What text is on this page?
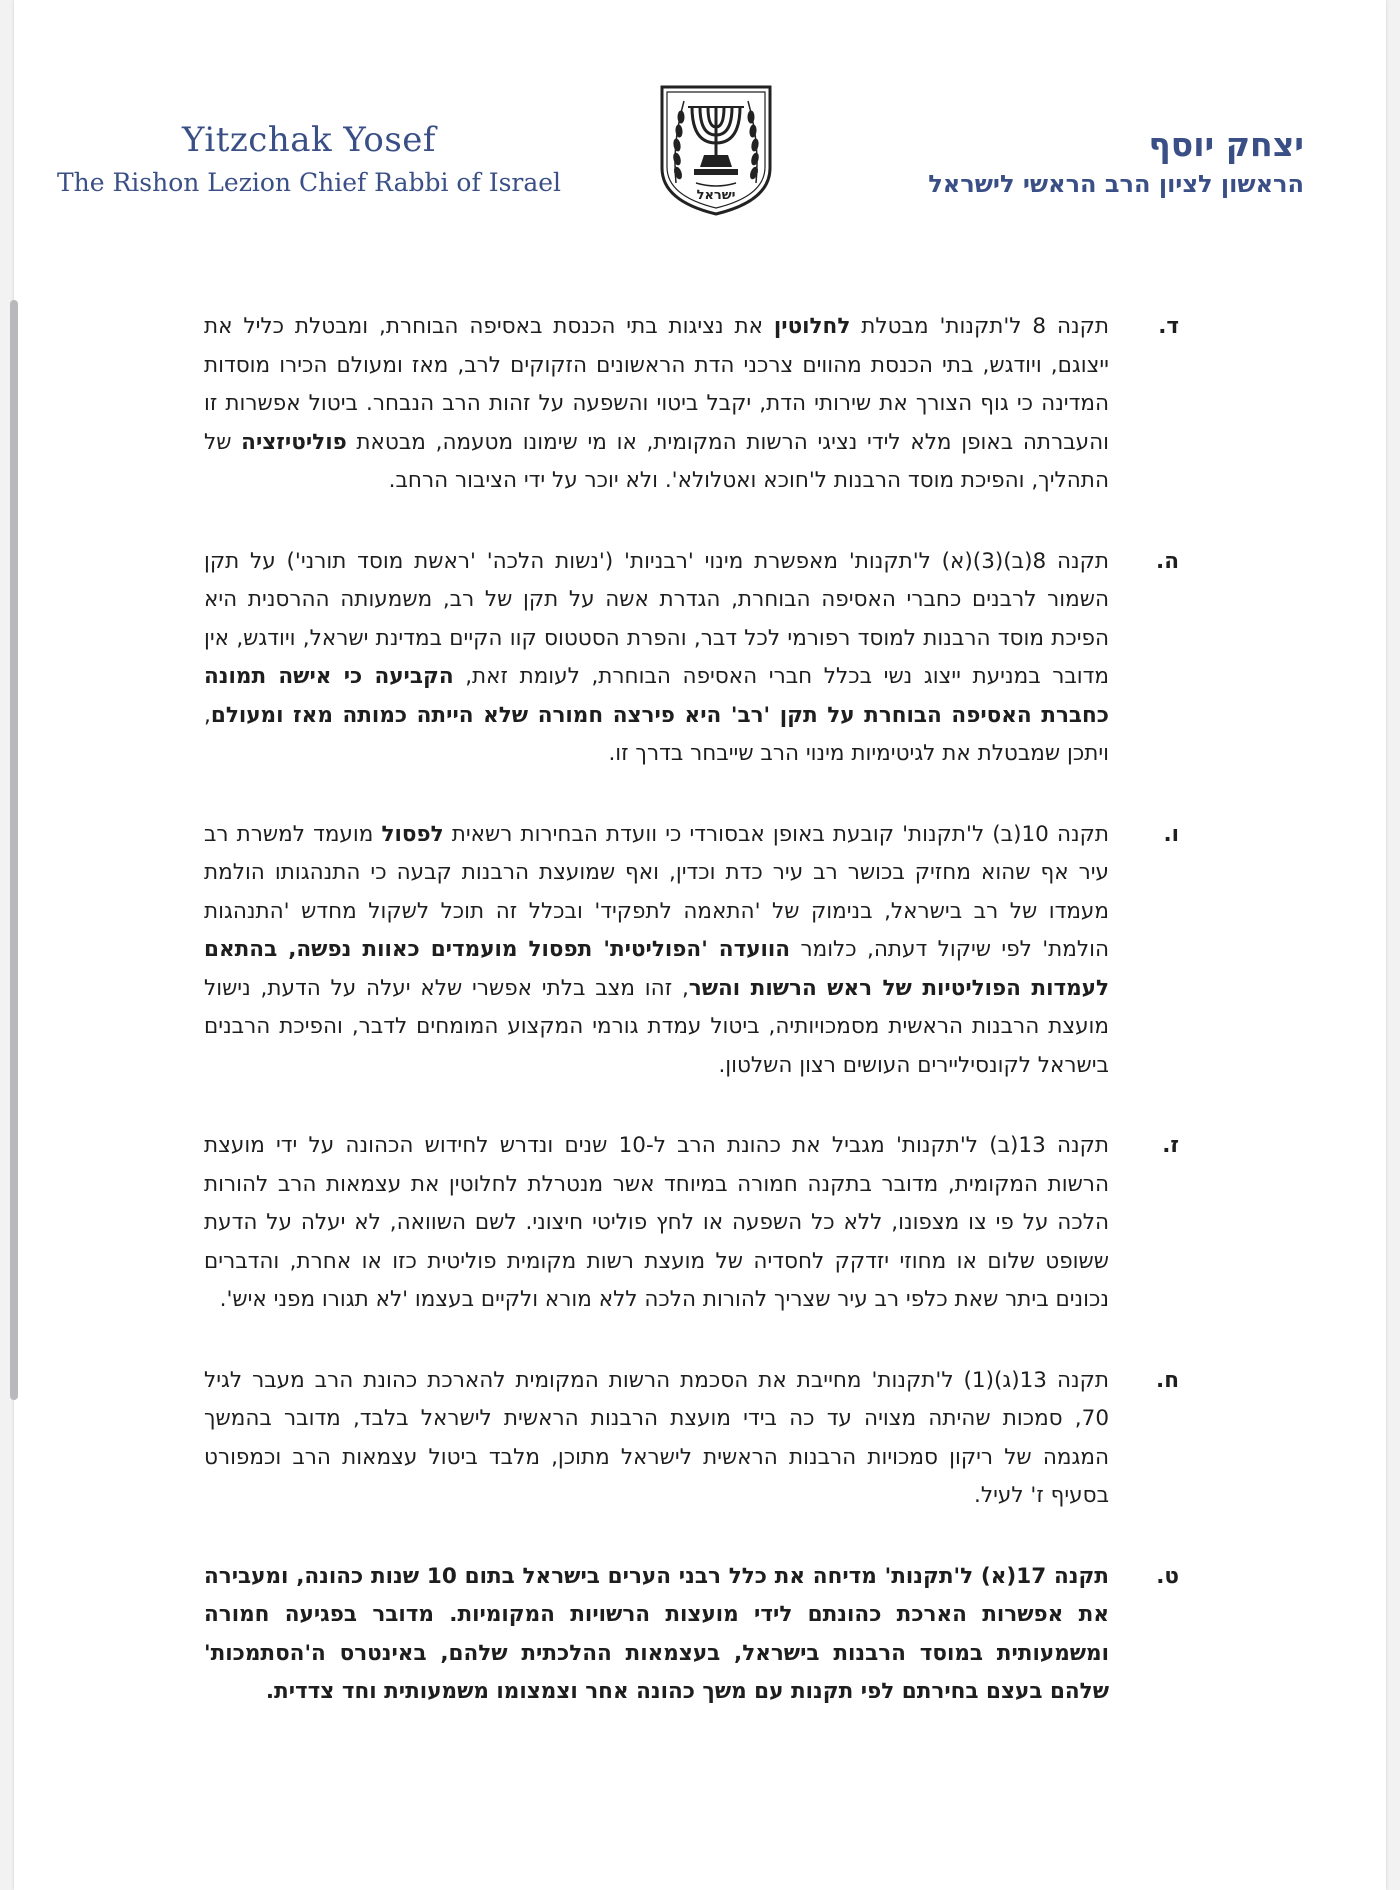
Yitzchak Yosef
The Rishon Lezion Chief Rabbi of Israel	ישראל
יצחק יוסף
הראשון לציון הרב הראשי לישראל
ד.
תקנה 8 ל'תקנות' מבטלת לחלוטין את נציגות בתי הכנסת באסיפה הבוחרת, ומבטלת כליל את ייצוגם, ויודגש, בתי הכנסת מהווים צרכני הדת הראשונים הזקוקים לרב, מאז ומעולם הכירו מוסדות המדינה כי גוף הצורך את שירותי הדת, יקבל ביטוי והשפעה על זהות הרב הנבחר. ביטול אפשרות זו והעברתה באופן מלא לידי נציגי הרשות המקומית, או מי שימונו מטעמה, מבטאת פוליטיזציה של התהליך, והפיכת מוסד הרבנות ל'חוכא ואטלולא'. ולא יוכר על ידי הציבור הרחב.
ה.
תקנה 8(ב)(3)(א) ל'תקנות' מאפשרת מינוי 'רבניות' ('נשות הלכה' 'ראשת מוסד תורני') על תקן השמור לרבנים כחברי האסיפה הבוחרת, הגדרת אשה על תקן של רב, משמעותה ההרסנית היא הפיכת מוסד הרבנות למוסד רפורמי לכל דבר, והפרת הסטטוס קוו הקיים במדינת ישראל, ויודגש, אין מדובר במניעת ייצוג נשי בכלל חברי האסיפה הבוחרת, לעומת זאת, הקביעה כי אישה תמונה כחברת האסיפה הבוחרת על תקן 'רב' היא פירצה חמורה שלא הייתה כמותה מאז ומעולם, ויתכן שמבטלת את לגיטימיות מינוי הרב שייבחר בדרך זו.
ו.
תקנה 10(ב) ל'תקנות' קובעת באופן אבסורדי כי וועדת הבחירות רשאית לפסול מועמד למשרת רב עיר אף שהוא מחזיק בכושר רב עיר כדת וכדין, ואף שמועצת הרבנות קבעה כי התנהגותו הולמת מעמדו של רב בישראל, בנימוק של 'התאמה לתפקיד' ובכלל זה תוכל לשקול מחדש 'התנהגות הולמת' לפי שיקול דעתה, כלומר הוועדה 'הפוליטית' תפסול מועמדים כאוות נפשה, בהתאם לעמדות הפוליטיות של ראש הרשות והשר, זהו מצב בלתי אפשרי שלא יעלה על הדעת, נישול מועצת הרבנות הראשית מסמכויותיה, ביטול עמדת גורמי המקצוע המומחים לדבר, והפיכת הרבנים בישראל לקונסיליירים העושים רצון השלטון.
ז.
תקנה 13(ב) ל'תקנות' מגביל את כהונת הרב ל-10 שנים ונדרש לחידוש הכהונה על ידי מועצת הרשות המקומית, מדובר בתקנה חמורה במיוחד אשר מנטרלת לחלוטין את עצמאות הרב להורות הלכה על פי צו מצפונו, ללא כל השפעה או לחץ פוליטי חיצוני. לשם השוואה, לא יעלה על הדעת ששופט שלום או מחוזי יזדקק לחסדיה של מועצת רשות מקומית פוליטית כזו או אחרת, והדברים נכונים ביתר שאת כלפי רב עיר שצריך להורות הלכה ללא מורא ולקיים בעצמו 'לא תגורו מפני איש'.
ח.
תקנה 13(ג)(1) ל'תקנות' מחייבת את הסכמת הרשות המקומית להארכת כהונת הרב מעבר לגיל 70, סמכות שהיתה מצויה עד כה בידי מועצת הרבנות הראשית לישראל בלבד, מדובר בהמשך המגמה של ריקון סמכויות הרבנות הראשית לישראל מתוכן, מלבד ביטול עצמאות הרב וכמפורט בסעיף ז' לעיל.
ט.
תקנה 17(א) ל'תקנות' מדיחה את כלל רבני הערים בישראל בתום 10 שנות כהונה, ומעבירה את אפשרות הארכת כהונתם לידי מועצות הרשויות המקומיות. מדובר בפגיעה חמורה ומשמעותית במוסד הרבנות בישראל, בעצמאות ההלכתית שלהם, באינטרס ה'הסתמכות' שלהם בעצם בחירתם לפי תקנות עם משך כהונה אחר וצמצומו משמעותית וחד צדדית.
